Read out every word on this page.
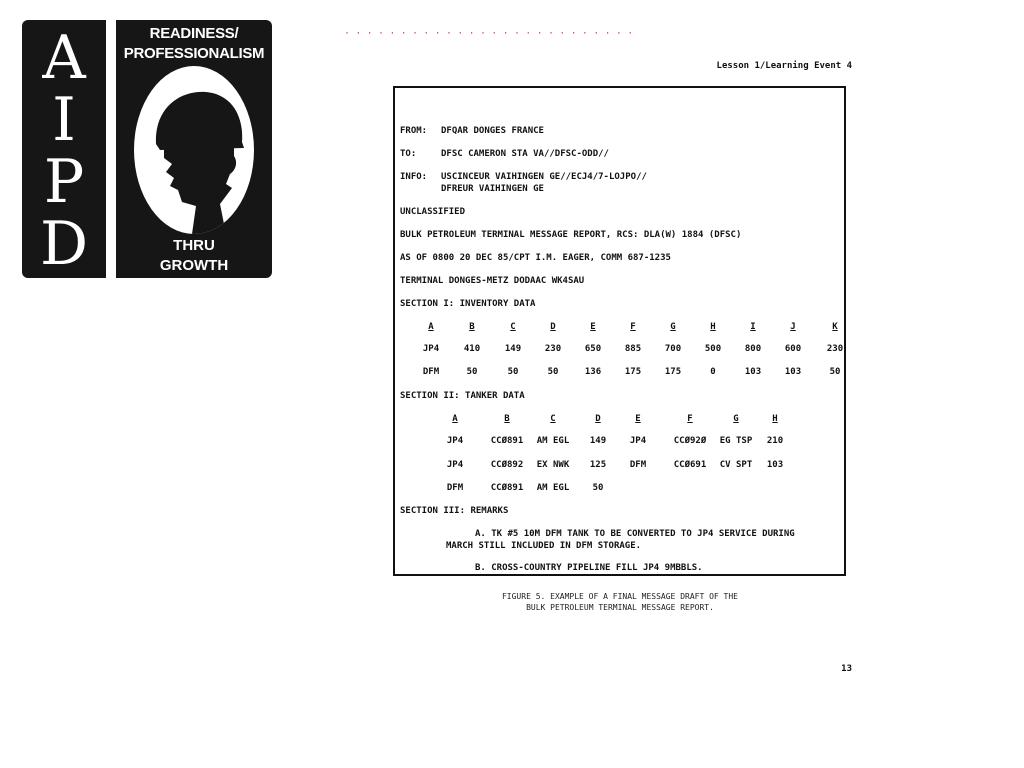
A
I
P
D
READINESS/
PROFESSIONALISM
THRU
GROWTH
· · · · · · · · · · · · · · · · · · · · · · · · · ·
Lesson 1/Learning Event 4
FROM: DFQAR DONGES FRANCE
TO:	DFSC CAMERON STA VA//DFSC-ODD//
INFO: USCINCEUR VAIHINGEN GE//ECJ4/7-LOJPO//
DFREUR VAIHINGEN GE
UNCLASSIFIED
BULK PETROLEUM TERMINAL MESSAGE REPORT, RCS: DLA(W) 1884 (DFSC)
AS OF 0800 20 DEC 85/CPT I.M. EAGER, COMM 687-1235
TERMINAL DONGES-METZ DODAAC WK4SAU
SECTION I: INVENTORY DATA
SECTION II: TANKER DATA
SECTION III: REMARKS
A. TK #5 10M DFM TANK TO BE CONVERTED TO JP4 SERVICE DURING
MARCH STILL INCLUDED IN DFM STORAGE.
B. CROSS-COUNTRY PIPELINE FILL JP4 9MBBLS.
A	B	C	D	E	F	G	H	I	J	K
JP4	410	149	230	650	885	700	500	800	600	230
DFM	50	50	50	136	175	175	0	103	103	50
A	B	C	D	E	F	G	H
JP4	CCØ891	AM EGL	149	JP4	CCØ92Ø	EG TSP	210
JP4	CCØ892	EX NWK	125	DFM	CCØ691	CV SPT	103
DFM	CCØ891	AM EGL	50
FIGURE 5. EXAMPLE OF A FINAL MESSAGE DRAFT OF THE
BULK PETROLEUM TERMINAL MESSAGE REPORT.
13
